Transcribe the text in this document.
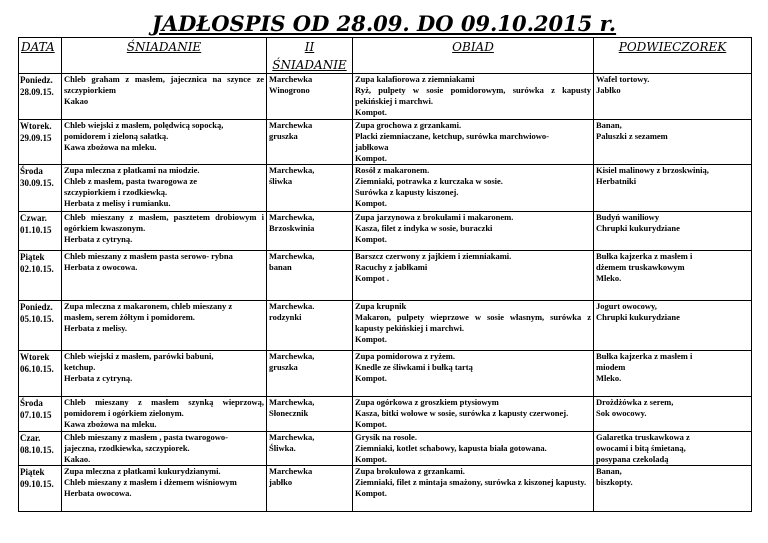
JADŁOSPIS OD 28.09. DO 09.10.2015 r.
DATA	ŚNIADANIE	II
ŚNIADANIE	OBIAD	PODWIECZOREK

Poniedz.
28.09.15.	Chleb graham z masłem, jajecznica na szynce ze szczypiorkiem
Kakao	Marchewka
Winogrono	Zupa kalafiorowa z ziemniakami
Ryż, pulpety w sosie pomidorowym, surówka z kapusty pekińskiej i marchwi.
Kompot.	Wafel tortowy.
Jabłko

Wtorek.
29.09.15	Chleb wiejski z masłem, polędwicą sopocką,
pomidorem i zieloną sałatką.
Kawa zbożowa na mleku.	Marchewka
gruszka	Zupa grochowa z grzankami.
Placki ziemniaczane, ketchup, surówka marchwiowo-
jabłkowa
Kompot.	Banan,
Paluszki z sezamem

Środa
30.09.15.	Zupa mleczna z płatkami na miodzie.
Chleb z masłem, pasta twarogowa ze
szczypiorkiem i rzodkiewką.
Herbata z melisy i rumianku.	Marchewka,
śliwka	Rosół z makaronem.
Ziemniaki, potrawka z kurczaka w sosie.
Surówka z kapusty kiszonej.
Kompot.	Kisiel malinowy z brzoskwinią,
Herbatniki

Czwar.
01.10.15	Chleb mieszany z masłem, pasztetem drobiowym i ogórkiem kwaszonym.
Herbata z cytryną.	Marchewka,
Brzoskwinia	Zupa jarzynowa z brokułami i makaronem.
Kasza, filet z indyka w sosie, buraczki
Kompot.	Budyń waniliowy
Chrupki kukurydziane

Piątek
02.10.15.	Chleb mieszany z masłem pasta serowo- rybna
Herbata z owocowa.	Marchewka,
banan	Barszcz czerwony z jajkiem i ziemniakami.
Racuchy z jabłkami
Kompot .	Bułka kajzerka z masłem i
dżemem truskawkowym
Mleko.

Poniedz.
05.10.15.	Zupa mleczna z makaronem, chleb mieszany z
masłem, serem żółtym i pomidorem.
Herbata z melisy.	Marchewka.
rodzynki	Zupa krupnik
Makaron, pulpety wieprzowe w sosie własnym, surówka z kapusty pekińskiej i marchwi.
Kompot.	Jogurt owocowy,
Chrupki kukurydziane

Wtorek
06.10.15.	Chleb wiejski z masłem, parówki babuni,
ketchup.
Herbata z cytryną.	Marchewka,
gruszka	Zupa pomidorowa z ryżem.
Knedle ze śliwkami i bułką tartą
Kompot.	Bułka kajzerka z masłem i
miodem
Mleko.

Środa
07.10.15	Chleb mieszany z masłem szynką wieprzową, pomidorem i ogórkiem zielonym.
Kawa zbożowa na mleku.	Marchewka,
Słonecznik	Zupa ogórkowa z groszkiem ptysiowym
Kasza, bitki wołowe w sosie, surówka z kapusty czerwonej.
Kompot.	Drożdżówka z serem,
Sok owocowy.

Czar.
08.10.15.	Chleb mieszany z masłem , pasta twarogowo-
jajeczna, rzodkiewka, szczypiorek.
Kakao.	Marchewka,
Śliwka.	Grysik na rosole.
Ziemniaki, kotlet schabowy, kapusta biała gotowana.
Kompot.	Galaretka truskawkowa z
owocami i bitą śmietaną,
posypana czekoladą

Piątek
09.10.15.	Zupa mleczna z płatkami kukurydzianymi.
Chleb mieszany z masłem i dżemem wiśniowym
Herbata owocowa.	Marchewka
jabłko	Zupa brokułowa z grzankami.
Ziemniaki, filet z mintaja smażony, surówka z kiszonej kapusty.
Kompot.	Banan,
biszkopty.
